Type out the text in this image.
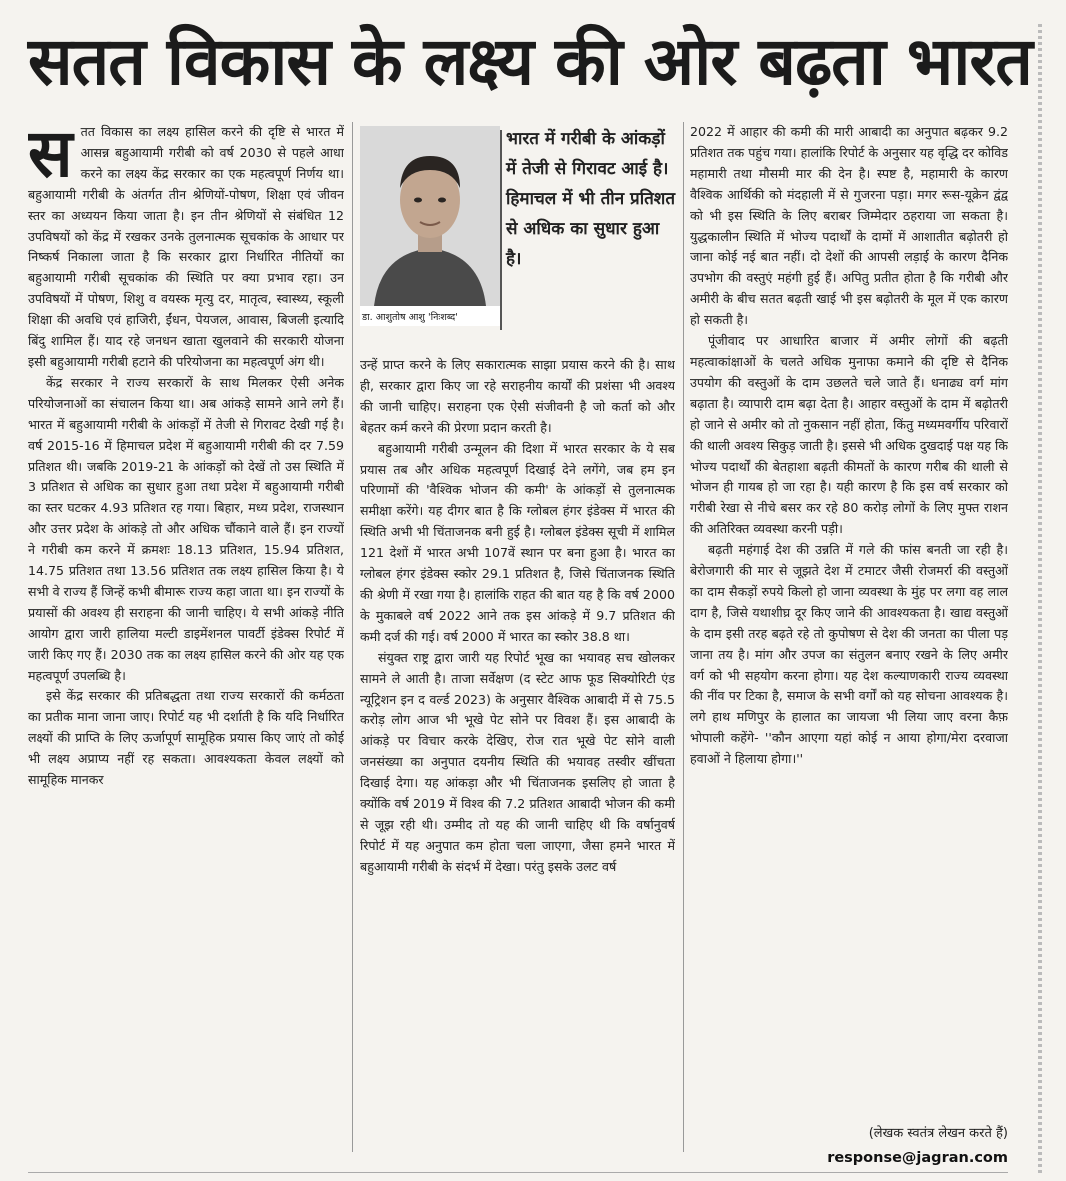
सतत विकास के लक्ष्य की ओर बढ़ता भारत

सतत विकास का लक्ष्य हासिल करने की दृष्टि से भारत में आसन्न बहुआयामी गरीबी को वर्ष 2030 से पहले आधा करने का लक्ष्य केंद्र सरकार का एक महत्वपूर्ण निर्णय था। बहुआयामी गरीबी के अंतर्गत तीन श्रेणियों-पोषण, शिक्षा एवं जीवन स्तर का अध्ययन किया जाता है। इन तीन श्रेणियों से संबंधित 12 उपविषयों को केंद्र में रखकर उनके तुलनात्मक सूचकांक के आधार पर निष्कर्ष निकाला जाता है कि सरकार द्वारा निर्धारित नीतियों का बहुआयामी गरीबी सूचकांक की स्थिति पर क्या प्रभाव रहा। उन उपविषयों में पोषण, शिशु व वयस्क मृत्यु दर, मातृत्व, स्वास्थ्य, स्कूली शिक्षा की अवधि एवं हाजिरी, ईंधन, पेयजल, आवास, बिजली इत्यादि बिंदु शामिल हैं। याद रहे जनधन खाता खुलवाने की सरकारी योजना इसी बहुआयामी गरीबी हटाने की परियोजना का महत्वपूर्ण अंग थी।

केंद्र सरकार ने राज्य सरकारों के साथ मिलकर ऐसी अनेक परियोजनाओं का संचालन किया था। अब आंकड़े सामने आने लगे हैं। भारत में बहुआयामी गरीबी के आंकड़ों में तेजी से गिरावट देखी गई है। वर्ष 2015-16 में हिमाचल प्रदेश में बहुआयामी गरीबी की दर 7.59 प्रतिशत थी। जबकि 2019-21 के आंकड़ों को देखें तो उस स्थिति में 3 प्रतिशत से अधिक का सुधार हुआ तथा प्रदेश में बहुआयामी गरीबी का स्तर घटकर 4.93 प्रतिशत रह गया। बिहार, मध्य प्रदेश, राजस्थान और उत्तर प्रदेश के आंकड़े तो और अधिक चौंकाने वाले हैं। इन राज्यों ने गरीबी कम करने में क्रमशः 18.13 प्रतिशत, 15.94 प्रतिशत, 14.75 प्रतिशत तथा 13.56 प्रतिशत तक लक्ष्य हासिल किया है। ये सभी वे राज्य हैं जिन्हें कभी बीमारू राज्य कहा जाता था। इन राज्यों के प्रयासों की अवश्य ही सराहना की जानी चाहिए। ये सभी आंकड़े नीति आयोग द्वारा जारी हालिया मल्टी डाइमेंशनल पावर्टी इंडेक्स रिपोर्ट में जारी किए गए हैं। 2030 तक का लक्ष्य हासिल करने की ओर यह एक महत्वपूर्ण उपलब्धि है।

इसे केंद्र सरकार की प्रतिबद्धता तथा राज्य सरकारों की कर्मठता का प्रतीक माना जाना जाए। रिपोर्ट यह भी दर्शाती है कि यदि निर्धारित लक्ष्यों की प्राप्ति के लिए ऊर्जापूर्ण सामूहिक प्रयास किए जाएं तो कोई भी लक्ष्य अप्राप्य नहीं रह सकता। आवश्यकता केवल लक्ष्यों को सामूहिक मानकर

डा. आशुतोष आशु 'निःशब्द'
भारत में गरीबी के आंकड़ों में तेजी से गिरावट आई है। हिमाचल में भी तीन प्रतिशत से अधिक का सुधार हुआ है।

उन्हें प्राप्त करने के लिए सकारात्मक साझा प्रयास करने की है। साथ ही, सरकार द्वारा किए जा रहे सराहनीय कार्यों की प्रशंसा भी अवश्य की जानी चाहिए। सराहना एक ऐसी संजीवनी है जो कर्ता को और बेहतर कर्म करने की प्रेरणा प्रदान करती है।

बहुआयामी गरीबी उन्मूलन की दिशा में भारत सरकार के ये सब प्रयास तब और अधिक महत्वपूर्ण दिखाई देने लगेंगे, जब हम इन परिणामों की 'वैश्विक भोजन की कमी' के आंकड़ों से तुलनात्मक समीक्षा करेंगे। यह दीगर बात है कि ग्लोबल हंगर इंडेक्स में भारत की स्थिति अभी भी चिंताजनक बनी हुई है। ग्लोबल इंडेक्स सूची में शामिल 121 देशों में भारत अभी 107वें स्थान पर बना हुआ है। भारत का ग्लोबल हंगर इंडेक्स स्कोर 29.1 प्रतिशत है, जिसे चिंताजनक स्थिति की श्रेणी में रखा गया है। हालांकि राहत की बात यह है कि वर्ष 2000 के मुकाबले वर्ष 2022 आने तक इस आंकड़े में 9.7 प्रतिशत की कमी दर्ज की गई। वर्ष 2000 में भारत का स्कोर 38.8 था।

संयुक्त राष्ट्र द्वारा जारी यह रिपोर्ट भूख का भयावह सच खोलकर सामने ले आती है। ताजा सर्वेक्षण (द स्टेट आफ फूड सिक्योरिटी एंड न्यूट्रिशन इन द वर्ल्ड 2023) के अनुसार वैश्विक आबादी में से 75.5 करोड़ लोग आज भी भूखे पेट सोने पर विवश हैं। इस आबादी के आंकड़े पर विचार करके देखिए, रोज रात भूखे पेट सोने वाली जनसंख्या का अनुपात दयनीय स्थिति की भयावह तस्वीर खींचता दिखाई देगा। यह आंकड़ा और भी चिंताजनक इसलिए हो जाता है क्योंकि वर्ष 2019 में विश्व की 7.2 प्रतिशत आबादी भोजन की कमी से जूझ रही थी। उम्मीद तो यह की जानी चाहिए थी कि वर्षानुवर्ष रिपोर्ट में यह अनुपात कम होता चला जाएगा, जैसा हमने भारत में बहुआयामी गरीबी के संदर्भ में देखा। परंतु इसके उलट वर्ष

2022 में आहार की कमी की मारी आबादी का अनुपात बढ़कर 9.2 प्रतिशत तक पहुंच गया। हालांकि रिपोर्ट के अनुसार यह वृद्धि दर कोविड महामारी तथा मौसमी मार की देन है। स्पष्ट है, महामारी के कारण वैश्विक आर्थिकी को मंदहाली में से गुजरना पड़ा। मगर रूस-यूक्रेन द्वंद्व को भी इस स्थिति के लिए बराबर जिम्मेदार ठहराया जा सकता है। युद्धकालीन स्थिति में भोज्य पदार्थों के दामों में आशातीत बढ़ोतरी हो जाना कोई नई बात नहीं। दो देशों की आपसी लड़ाई के कारण दैनिक उपभोग की वस्तुएं महंगी हुई हैं। अपितु प्रतीत होता है कि गरीबी और अमीरी के बीच सतत बढ़ती खाई भी इस बढ़ोतरी के मूल में एक कारण हो सकती है।

पूंजीवाद पर आधारित बाजार में अमीर लोगों की बढ़ती महत्वाकांक्षाओं के चलते अधिक मुनाफा कमाने की दृष्टि से दैनिक उपयोग की वस्तुओं के दाम उछलते चले जाते हैं। धनाढ्य वर्ग मांग बढ़ाता है। व्यापारी दाम बढ़ा देता है। आहार वस्तुओं के दाम में बढ़ोतरी हो जाने से अमीर को तो नुकसान नहीं होता, किंतु मध्यमवर्गीय परिवारों की थाली अवश्य सिकुड़ जाती है। इससे भी अधिक दुखदाई पक्ष यह कि भोज्य पदार्थों की बेतहाशा बढ़ती कीमतों के कारण गरीब की थाली से भोजन ही गायब हो जा रहा है। यही कारण है कि इस वर्ष सरकार को गरीबी रेखा से नीचे बसर कर रहे 80 करोड़ लोगों के लिए मुफ्त राशन की अतिरिक्त व्यवस्था करनी पड़ी।

बढ़ती महंगाई देश की उन्नति में गले की फांस बनती जा रही है। बेरोजगारी की मार से जूझते देश में टमाटर जैसी रोजमर्रा की वस्तुओं का दाम सैकड़ों रुपये किलो हो जाना व्यवस्था के मुंह पर लगा वह लाल दाग है, जिसे यथाशीघ्र दूर किए जाने की आवश्यकता है। खाद्य वस्तुओं के दाम इसी तरह बढ़ते रहे तो कुपोषण से देश की जनता का पीला पड़ जाना तय है। मांग और उपज का संतुलन बनाए रखने के लिए अमीर वर्ग को भी सहयोग करना होगा। यह देश कल्याणकारी राज्य व्यवस्था की नींव पर टिका है, समाज के सभी वर्गों को यह सोचना आवश्यक है। लगे हाथ मणिपुर के हालात का जायजा भी लिया जाए वरना कैफ़ भोपाली कहेंगे- ''कौन आएगा यहां कोई न आया होगा/मेरा दरवाजा हवाओं ने हिलाया होगा।''

(लेखक स्वतंत्र लेखन करते हैं)
response@jagran.com
